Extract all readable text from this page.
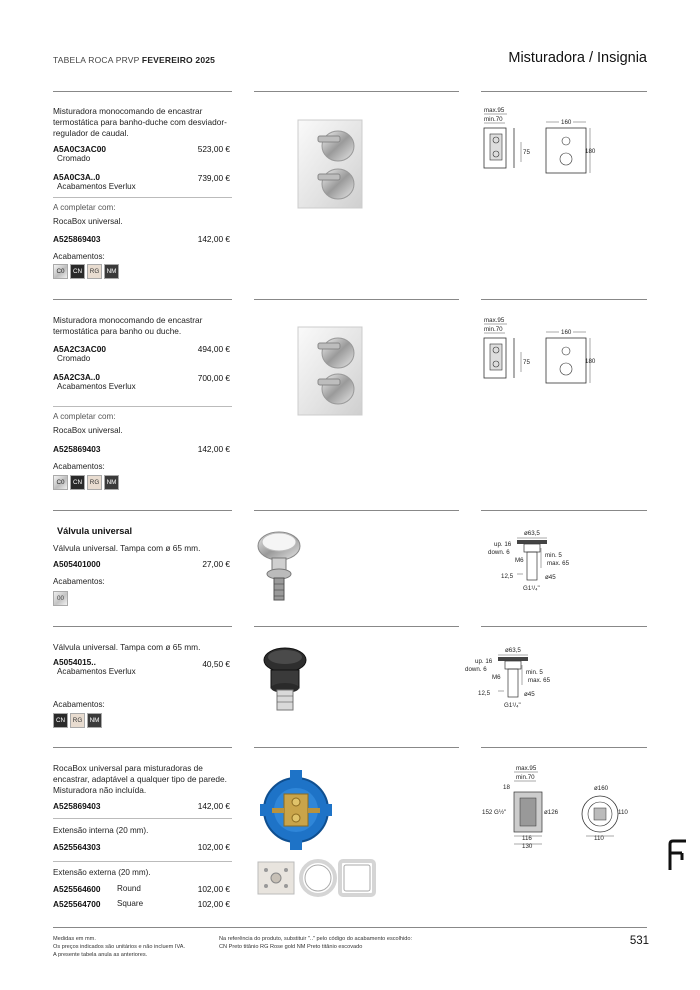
TABELA ROCA PRVP FEVEREIRO 2025	Misturadora / Insignia
Misturadora monocomando de encastrar termostática para banho-duche com desviador-regulador de caudal.
A5A0C3AC00	523,00 €
Cromado
A5A0C3A..0	739,00 €
Acabamentos Everlux
A completar com:
RocaBox universal.
A525869403	142,00 €
Acabamentos:
C0	CN	RG	NM
max.95
min.70
75
160
180
Misturadora monocomando de encastrar termostática para banho ou duche.
A5A2C3AC00	494,00 €
Cromado
A5A2C3A..0	700,00 €
Acabamentos Everlux
A completar com:
RocaBox universal.
A525869403	142,00 €
Acabamentos:
C0	CN	RG	NM
max.95
min.70
75
160
180
Válvula universal
Válvula universal. Tampa com ø 65 mm.
A505401000	27,00 €
Acabamentos:
00
ø63,5
up. 16
down. 6
M6
min. 5
max. 65
12,5	ø45
G1¹/₄"
Válvula universal. Tampa com ø 65 mm.
A5054015..	40,50 €
Acabamentos Everlux
Acabamentos:
CN	RG	NM
ø63,5
up. 16
down. 6
M6
min. 5
max. 65
12,5	ø45
G1¹/₄"
RocaBox universal para misturadoras de encastrar, adaptável a qualquer tipo de parede. Misturadora não incluída.
A525869403	142,00 €
Extensão interna (20 mm).
A525564303	102,00 €
Extensão externa (20 mm).
A525564600 Round	102,00 €
A525564700 Square	102,00 €
max.95
min.70
18
152 G½"	ø126
116
130
ø160
110
110
Medidas em mm.
Os preços indicados são unitários e não incluem IVA.
A presente tabela anula as anteriores.
Na referência do produto, substituir ".." pelo código do acabamento escolhido:
CN Preto titânio RG Rose gold NM Preto titânio escovado	531
